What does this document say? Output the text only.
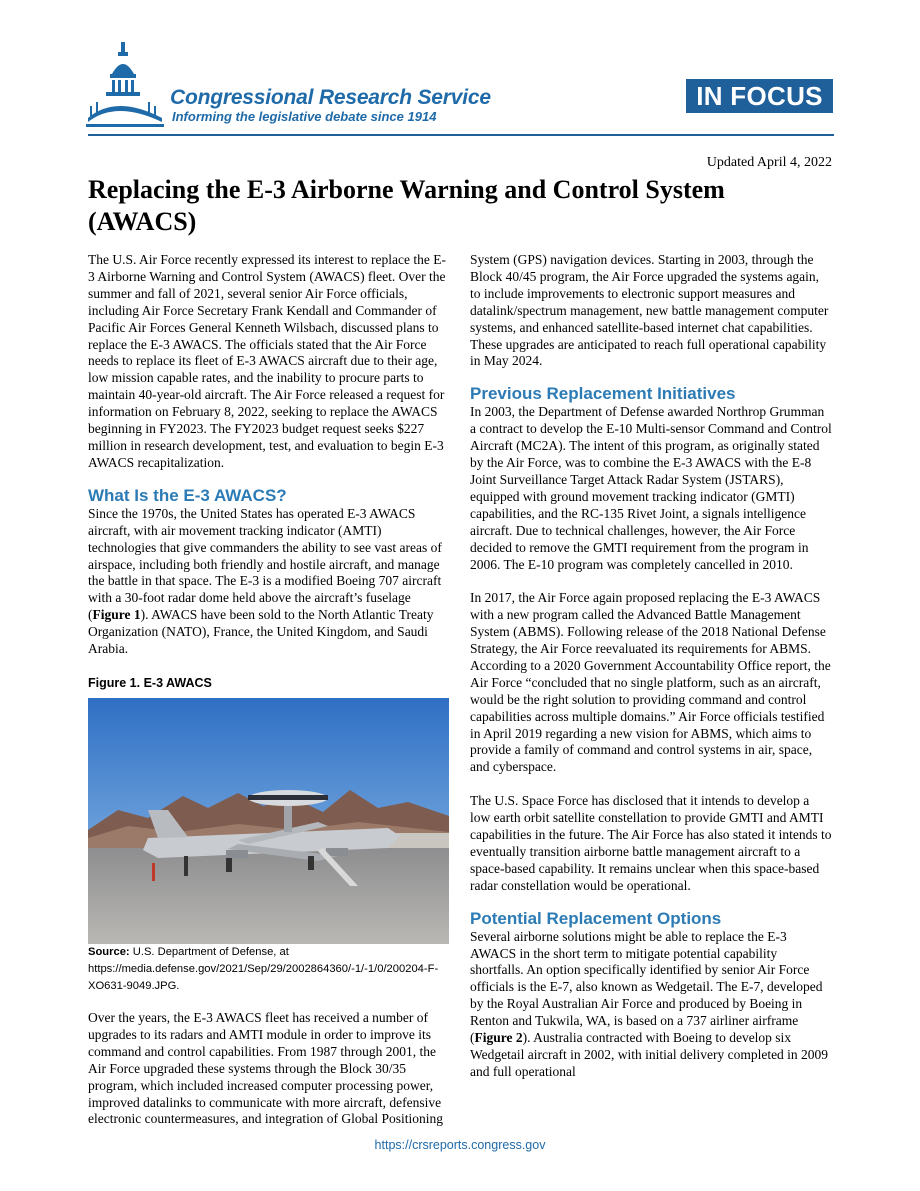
Congressional Research Service
Informing the legislative debate since 1914
IN FOCUS
Updated April 4, 2022
Replacing the E-3 Airborne Warning and Control System (AWACS)

The U.S. Air Force recently expressed its interest to replace the E-3 Airborne Warning and Control System (AWACS) fleet. Over the summer and fall of 2021, several senior Air Force officials, including Air Force Secretary Frank Kendall and Commander of Pacific Air Forces General Kenneth Wilsbach, discussed plans to replace the E-3 AWACS. The officials stated that the Air Force needs to replace its fleet of E-3 AWACS aircraft due to their age, low mission capable rates, and the inability to procure parts to maintain 40-year-old aircraft. The Air Force released a request for information on February 8, 2022, seeking to replace the AWACS beginning in FY2023. The FY2023 budget request seeks $227 million in research development, test, and evaluation to begin E-3 AWACS recapitalization.

What Is the E-3 AWACS?

Since the 1970s, the United States has operated E-3 AWACS aircraft, with air movement tracking indicator (AMTI) technologies that give commanders the ability to see vast areas of airspace, including both friendly and hostile aircraft, and manage the battle in that space. The E-3 is a modified Boeing 707 aircraft with a 30-foot radar dome held above the aircraft’s fuselage (Figure 1). AWACS have been sold to the North Atlantic Treaty Organization (NATO), France, the United Kingdom, and Saudi Arabia.

Figure 1. E-3 AWACS
Source: U.S. Department of Defense, at https://media.defense.gov/2021/Sep/29/2002864360/-1/-1/0/200204-F-XO631-9049.JPG.

Over the years, the E-3 AWACS fleet has received a number of upgrades to its radars and AMTI module in order to improve its command and control capabilities. From 1987 through 2001, the Air Force upgraded these systems through the Block 30/35 program, which included increased computer processing power, improved datalinks to communicate with more aircraft, defensive electronic countermeasures, and integration of Global Positioning

System (GPS) navigation devices. Starting in 2003, through the Block 40/45 program, the Air Force upgraded the systems again, to include improvements to electronic support measures and datalink/spectrum management, new battle management computer systems, and enhanced satellite-based internet chat capabilities. These upgrades are anticipated to reach full operational capability in May 2024.

Previous Replacement Initiatives

In 2003, the Department of Defense awarded Northrop Grumman a contract to develop the E-10 Multi-sensor Command and Control Aircraft (MC2A). The intent of this program, as originally stated by the Air Force, was to combine the E-3 AWACS with the E-8 Joint Surveillance Target Attack Radar System (JSTARS), equipped with ground movement tracking indicator (GMTI) capabilities, and the RC-135 Rivet Joint, a signals intelligence aircraft. Due to technical challenges, however, the Air Force decided to remove the GMTI requirement from the program in 2006. The E-10 program was completely cancelled in 2010.

In 2017, the Air Force again proposed replacing the E-3 AWACS with a new program called the Advanced Battle Management System (ABMS). Following release of the 2018 National Defense Strategy, the Air Force reevaluated its requirements for ABMS. According to a 2020 Government Accountability Office report, the Air Force “concluded that no single platform, such as an aircraft, would be the right solution to providing command and control capabilities across multiple domains.” Air Force officials testified in April 2019 regarding a new vision for ABMS, which aims to provide a family of command and control systems in air, space, and cyberspace.

The U.S. Space Force has disclosed that it intends to develop a low earth orbit satellite constellation to provide GMTI and AMTI capabilities in the future. The Air Force has also stated it intends to eventually transition airborne battle management aircraft to a space-based capability. It remains unclear when this space-based radar constellation would be operational.

Potential Replacement Options

Several airborne solutions might be able to replace the E-3 AWACS in the short term to mitigate potential capability shortfalls. An option specifically identified by senior Air Force officials is the E-7, also known as Wedgetail. The E-7, developed by the Royal Australian Air Force and produced by Boeing in Renton and Tukwila, WA, is based on a 737 airliner airframe (Figure 2). Australia contracted with Boeing to develop six Wedgetail aircraft in 2002, with initial delivery completed in 2009 and full operational

https://crsreports.congress.gov
